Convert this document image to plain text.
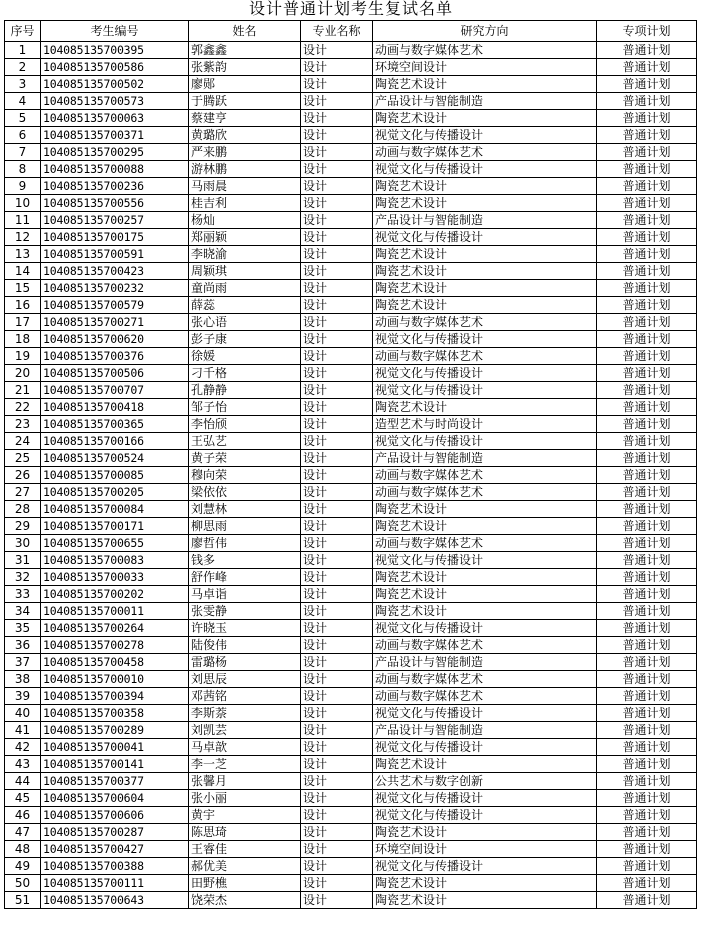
设计普通计划考生复试名单
序号	考生编号	姓名	专业名称	研究方向	专项计划
1	104085135700395	郭鑫鑫	设计	动画与数字媒体艺术	普通计划
2	104085135700586	张紫韵	设计	环境空间设计	普通计划
3	104085135700502	廖郧	设计	陶瓷艺术设计	普通计划
4	104085135700573	于腾跃	设计	产品设计与智能制造	普通计划
5	104085135700063	蔡建亨	设计	陶瓷艺术设计	普通计划
6	104085135700371	黄璐欣	设计	视觉文化与传播设计	普通计划
7	104085135700295	严来鹏	设计	动画与数字媒体艺术	普通计划
8	104085135700088	游林鹏	设计	视觉文化与传播设计	普通计划
9	104085135700236	马雨晨	设计	陶瓷艺术设计	普通计划
10	104085135700556	桂吉利	设计	陶瓷艺术设计	普通计划
11	104085135700257	杨灿	设计	产品设计与智能制造	普通计划
12	104085135700175	郑丽颖	设计	视觉文化与传播设计	普通计划
13	104085135700591	李晓渝	设计	陶瓷艺术设计	普通计划
14	104085135700423	周颖琪	设计	陶瓷艺术设计	普通计划
15	104085135700232	童尚雨	设计	陶瓷艺术设计	普通计划
16	104085135700579	薛蕊	设计	陶瓷艺术设计	普通计划
17	104085135700271	张心语	设计	动画与数字媒体艺术	普通计划
18	104085135700620	彭子康	设计	视觉文化与传播设计	普通计划
19	104085135700376	徐媛	设计	动画与数字媒体艺术	普通计划
20	104085135700506	刁千格	设计	视觉文化与传播设计	普通计划
21	104085135700707	孔静静	设计	视觉文化与传播设计	普通计划
22	104085135700418	邹子怡	设计	陶瓷艺术设计	普通计划
23	104085135700365	李怡颀	设计	造型艺术与时尚设计	普通计划
24	104085135700166	王弘艺	设计	视觉文化与传播设计	普通计划
25	104085135700524	黄子荣	设计	产品设计与智能制造	普通计划
26	104085135700085	穆向荣	设计	动画与数字媒体艺术	普通计划
27	104085135700205	梁依依	设计	动画与数字媒体艺术	普通计划
28	104085135700084	刘慧林	设计	陶瓷艺术设计	普通计划
29	104085135700171	柳思雨	设计	陶瓷艺术设计	普通计划
30	104085135700655	廖哲伟	设计	动画与数字媒体艺术	普通计划
31	104085135700083	钱多	设计	视觉文化与传播设计	普通计划
32	104085135700033	舒作峰	设计	陶瓷艺术设计	普通计划
33	104085135700202	马卓诣	设计	陶瓷艺术设计	普通计划
34	104085135700011	张雯静	设计	陶瓷艺术设计	普通计划
35	104085135700264	许晓玉	设计	视觉文化与传播设计	普通计划
36	104085135700278	陆俊伟	设计	动画与数字媒体艺术	普通计划
37	104085135700458	雷璐杨	设计	产品设计与智能制造	普通计划
38	104085135700010	刘思辰	设计	动画与数字媒体艺术	普通计划
39	104085135700394	邓茜铭	设计	动画与数字媒体艺术	普通计划
40	104085135700358	李斯萘	设计	视觉文化与传播设计	普通计划
41	104085135700289	刘凯芸	设计	产品设计与智能制造	普通计划
42	104085135700041	马卓歆	设计	视觉文化与传播设计	普通计划
43	104085135700141	李一芝	设计	陶瓷艺术设计	普通计划
44	104085135700377	张馨月	设计	公共艺术与数字创新	普通计划
45	104085135700604	张小丽	设计	视觉文化与传播设计	普通计划
46	104085135700606	黄宇	设计	视觉文化与传播设计	普通计划
47	104085135700287	陈思琦	设计	陶瓷艺术设计	普通计划
48	104085135700427	王睿佳	设计	环境空间设计	普通计划
49	104085135700388	郝优美	设计	视觉文化与传播设计	普通计划
50	104085135700111	田野樵	设计	陶瓷艺术设计	普通计划
51	104085135700643	饶荣杰	设计	陶瓷艺术设计	普通计划
